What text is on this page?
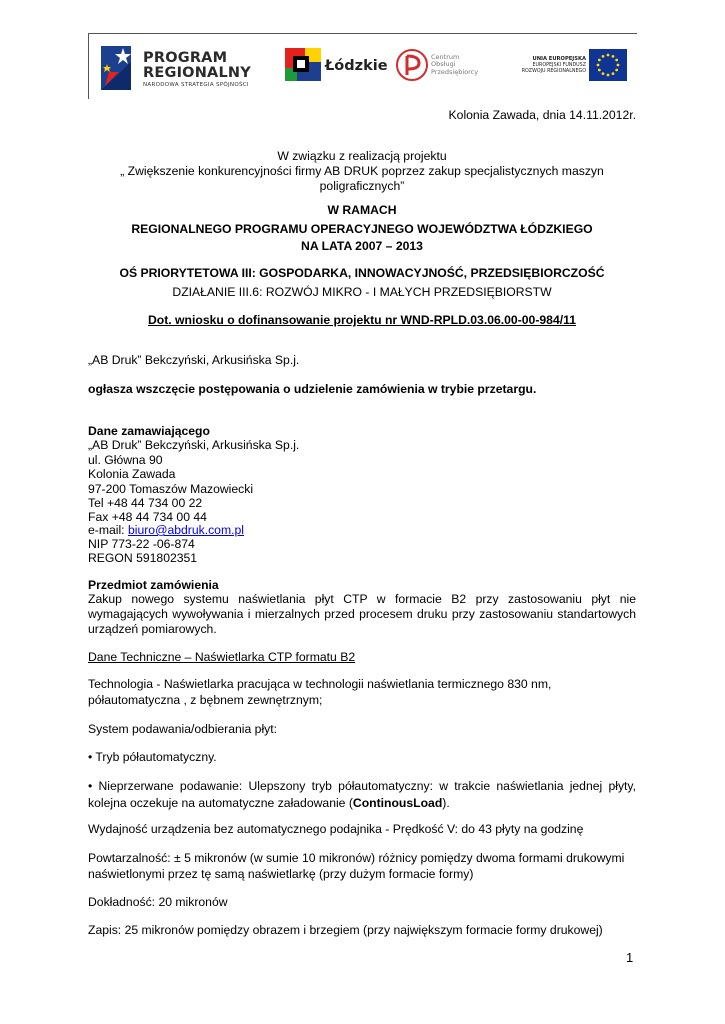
PROGRAM
REGIONALNY
NARODOWA STRATEGIA SPÓJNOŚCI
Łódzkie
Centrum
Obsługi
Przedsiębiorcy
UNIA EUROPEJSKA
EUROPEJSKI FUNDUSZ
ROZWOJU REGIONALNEGO
Kolonia Zawada, dnia 14.11.2012r.
W związku z realizacją projektu
„ Zwiększenie konkurencyjności firmy AB DRUK poprzez zakup specjalistycznych maszyn
poligraficznych”
W RAMACH
REGIONALNEGO PROGRAMU OPERACYJNEGO WOJEWÓDZTWA ŁÓDZKIEGO
NA LATA 2007 – 2013
OŚ PRIORYTETOWA III: GOSPODARKA, INNOWACYJNOŚĆ, PRZEDSIĘBIORCZOŚĆ
DZIAŁANIE III.6: ROZWÓJ MIKRO - I MAŁYCH PRZEDSIĘBIORSTW
Dot. wniosku o dofinansowanie projektu nr WND-RPLD.03.06.00-00-984/11
„AB Druk” Bekczyński, Arkusińska Sp.j.
ogłasza wszczęcie postępowania o udzielenie zamówienia w trybie przetargu.
Dane zamawiającego
„AB Druk” Bekczyński, Arkusińska Sp.j.
ul. Główna 90
Kolonia Zawada
97-200 Tomaszów Mazowiecki
Tel +48 44 734 00 22
Fax +48 44 734 00 44
e-mail: biuro@abdruk.com.pl
NIP 773-22 -06-874
REGON 591802351
Przedmiot zamówienia
Zakup nowego systemu naświetlania płyt CTP w formacie B2 przy zastosowaniu płyt nie wymagających wywoływania i mierzalnych przed procesem druku przy zastosowaniu standartowych urządzeń pomiarowych.
Dane Techniczne – Naświetlarka CTP formatu B2
Technologia - Naświetlarka pracująca w technologii naświetlania termicznego 830 nm,
półautomatyczna , z bębnem zewnętrznym;
System podawania/odbierania płyt:
• Tryb półautomatyczny.
• Nieprzerwane podawanie: Ulepszony tryb półautomatyczny: w trakcie naświetlania jednej płyty, kolejna oczekuje na automatyczne załadowanie (ContinousLoad).
Wydajność urządzenia bez automatycznego podajnika - Prędkość V: do 43 płyty na godzinę
Powtarzalność: ± 5 mikronów (w sumie 10 mikronów) różnicy pomiędzy dwoma formami drukowymi
naświetlonymi przez tę samą naświetlarkę (przy dużym formacie formy)
Dokładność: 20 mikronów
Zapis: 25 mikronów pomiędzy obrazem i brzegiem (przy największym formacie formy drukowej)
1
